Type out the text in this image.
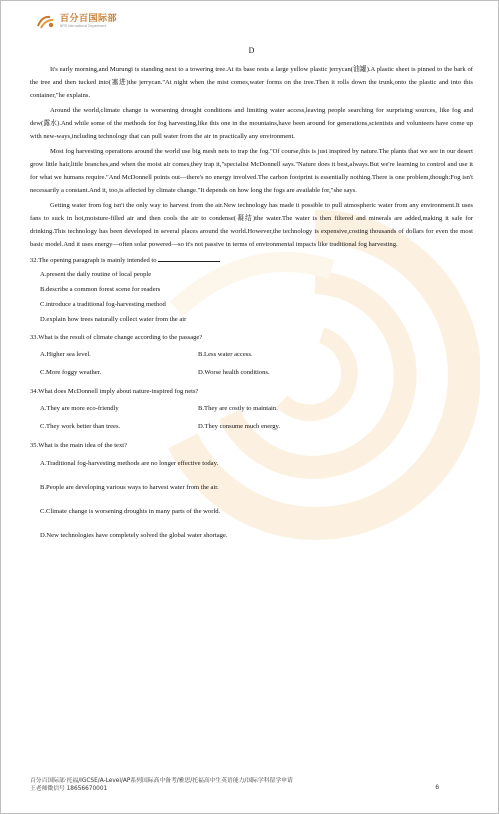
百分百国际部
BFB International Department

D

It's early morning,and Murungi is standing next to a towering tree.At its base rests a large yellow plastic jerrycan(油罐).A plastic sheet is pinned to the bark of the tree and then tucked into(塞进)the jerrycan."At night when the mist comes,water forms on the tree.Then it rolls down the trunk,onto the plastic and into this container,"he explains.

Around the world,climate change is worsening drought conditions and limiting water access,leaving people searching for surprising sources, like fog and dew(露水).And while some of the methods for fog harvesting,like this one in the mountains,have been around for generations,scientists and volunteers have come up with new-ways,including technology that can pull water from the air in practically any environment.

Most fog harvesting operations around the world use big mesh nets to trap the fog."Of course,this is just inspired by nature.The plants that we see in our desert grow little hair,little branches,and when the moist air comes,they trap it,"specialist McDonnell says."Nature does it best,always.But we're learning to control and use it for what we humans require."And McDonnell points out—there's no energy involved.The carbon footprint is essentially nothing.There is one problem,though:Fog isn't necessarily a constant.And it, too,is affected by climate change."It depends on how long the fogs are available for,"she says.

Getting water from fog isn't the only way to harvest from the air.New technology has made it possible to pull atmospheric water from any environment.It uses fans to suck in hot,moisture-filled air and then cools the air to condense(凝结)the water.The water is then filtered and minerals are added,making it safe for drinking.This technology has been developed in several places around the world.However,the technology is expensive,costing thousands of dollars for even the most basic model.And it uses energy—often solar powered—so it's not passive in terms of environmental impacts like traditional fog harvesting.

32.The opening paragraph is mainly intended to

A.present the daily routine of local people

B.describe a common forest scene for readers

C.introduce a traditional fog-harvesting method

D.explain how trees naturally collect water from the air

33.What is the result of climate change according to the passage?

A.Higher sea level.	B.Less water access.

C.More foggy weather.	D.Worse health conditions.

34.What does McDonnell imply about nature-inspired fog nets?

A.They are more eco-friendly	B.They are costly to maintain.

C.They work better than trees.	D.They consume much energy.

35.What is the main idea of the text?

A.Traditional fog-harvesting methods are no longer effective today.

B.People are developing various ways to harvest water from the air.

C.Climate change is worsening droughts in many parts of the world.

D.New technologies have completely solved the global water shortage.

百分百国际部·托福/IGCSE/A-Level/AP系列国际高中备考/雅思/托福高中生英语能力/国际学科留学申请
王老师微信号 18656670001	6
